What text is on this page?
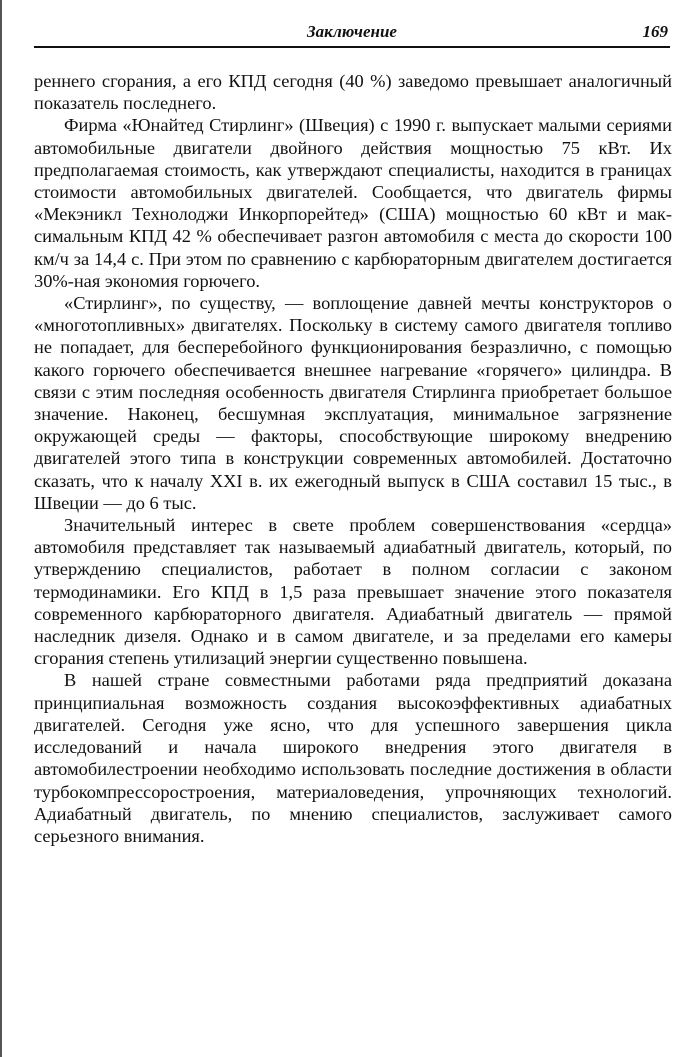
Заключение	169

реннего сгорания, а его КПД сегодня (40 %) заведомо превышает аналогичный показатель последнего.

Фирма «Юнайтед Стирлинг» (Швеция) с 1990 г. выпускает малыми сериями автомобильные двигатели двойного действия мощностью 75 кВт. Их предполагаемая стоимость, как утверждают специалисты, находится в границах стоимости автомобильных двигателей. Сообщается, что двигатель фирмы «Мекэникл Технолоджи Инкорпорейтед» (США) мощностью 60 кВт и максимальным КПД 42 % обеспечивает разгон автомобиля с места до скорости 100 км/ч за 14,4 с. При этом по сравнению с карбюраторным двигателем достигается 30%-ная экономия горючего.

«Стирлинг», по существу, — воплощение давней мечты конструкторов о «многотопливных» двигателях. Поскольку в систему самого двигателя топливо не попадает, для бесперебойного функционирования безразлично, с помощью какого горючего обеспечивается внешнее нагревание «горячего» цилиндра. В связи с этим последняя особенность двигателя Стирлинга приобретает большое значение. Наконец, бесшумная эксплуатация, минимальное загрязнение окружающей среды — факторы, способствующие широкому внедрению двигателей этого типа в конструкции современных автомобилей. Достаточно сказать, что к началу XXI в. их ежегодный выпуск в США составил 15 тыс., в Швеции — до 6 тыс.

Значительный интерес в свете проблем совершенствования «сердца» автомобиля представляет так называемый адиабатный двигатель, который, по утверждению специалистов, работает в полном согласии с законом термодинамики. Его КПД в 1,5 раза превышает значение этого показателя современного карбюраторного двигателя. Адиабатный двигатель — прямой наследник дизеля. Однако и в самом двигателе, и за пределами его камеры сгорания степень утилизаций энергии существенно повышена.

В нашей стране совместными работами ряда предприятий доказана принципиальная возможность создания высокоэффективных адиабатных двигателей. Сегодня уже ясно, что для успешного завершения цикла исследований и начала широкого внедрения этого двигателя в автомобилестроении необходимо использовать последние достижения в области турбокомпрессоростроения, материаловедения, упрочняющих технологий. Адиабатный двигатель, по мнению специалистов, заслуживает самого серьезного внимания.
